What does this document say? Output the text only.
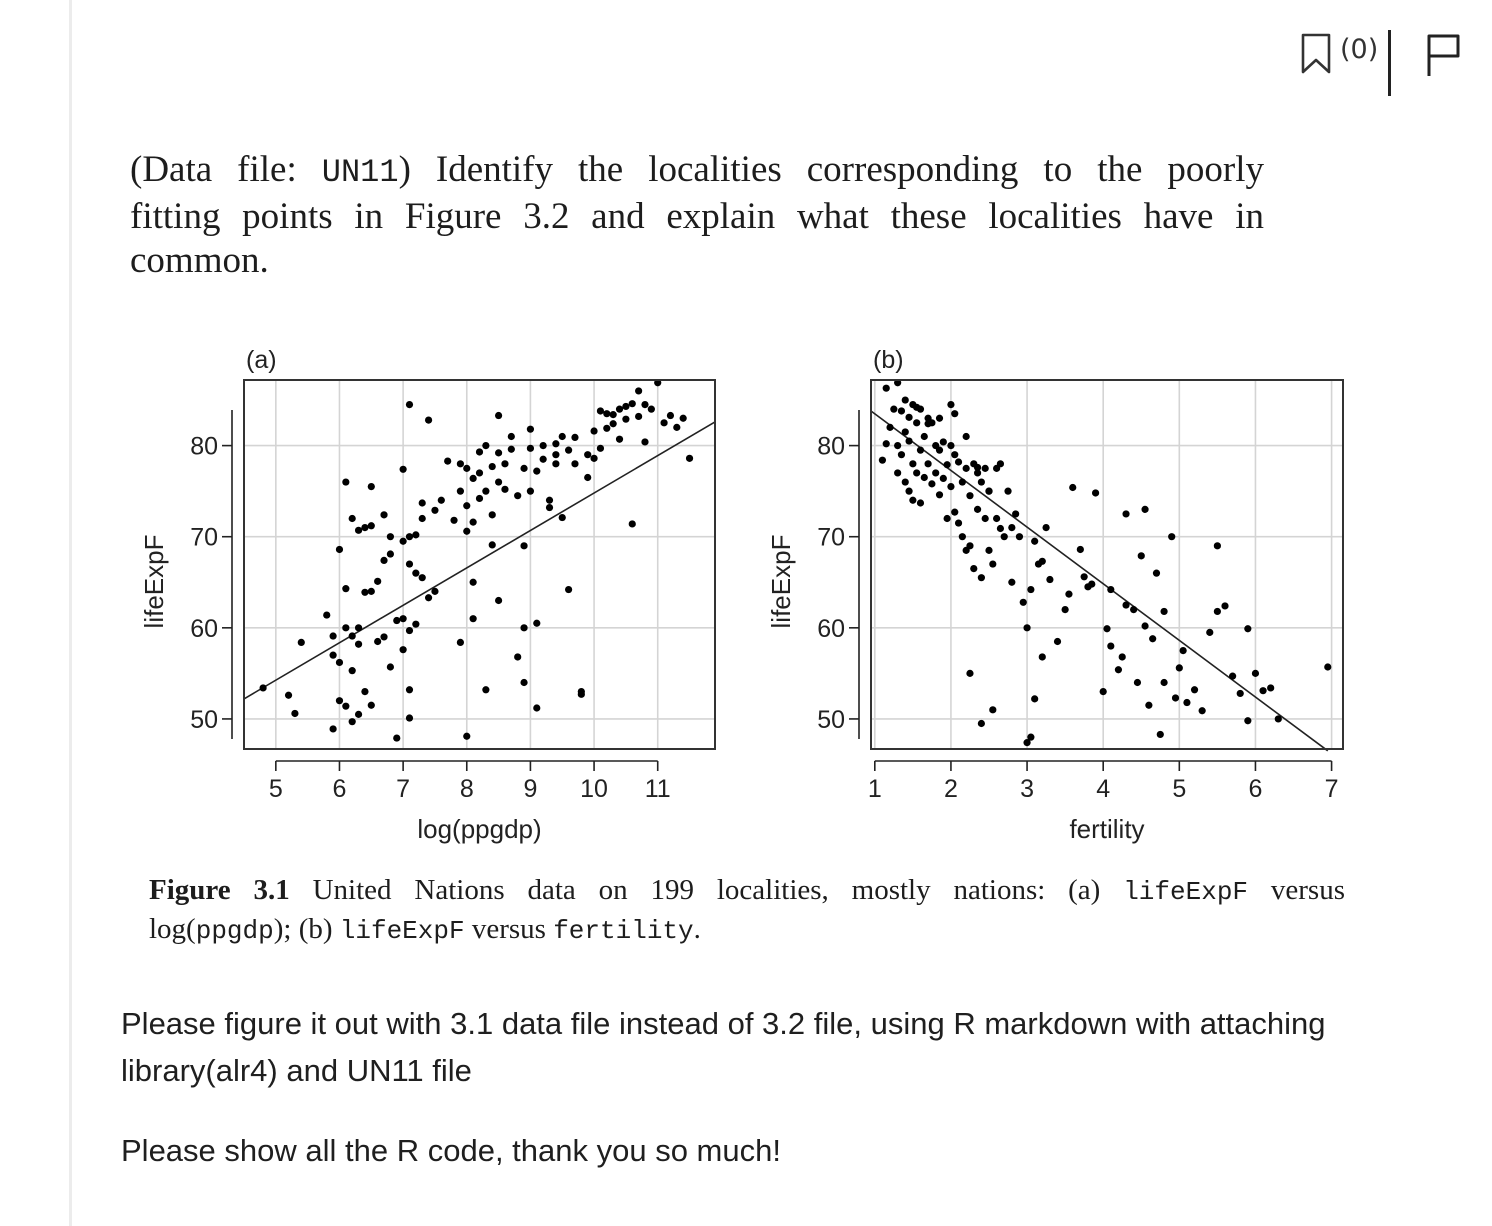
(0)
(Data file: UN11) Identify the localities corresponding to the poorly
fitting points in Figure 3.2 and explain what these localities have in
common.
50
60
70
80
5 6 7 8 9 10 11
(a)
log(ppgdp)
lifeExpF
50
60
70
80
1 2 3 4 5 6 7
(b)
fertility
lifeExpF
Figure 3.1 United Nations data on 199 localities, mostly nations: (a) lifeExpF versus
log(ppgdp); (b) lifeExpF versus fertility.

Please figure it out with 3.1 data file instead of 3.2 file, using R markdown with attaching library(alr4) and UN11 file

Please show all the R code, thank you so much!
